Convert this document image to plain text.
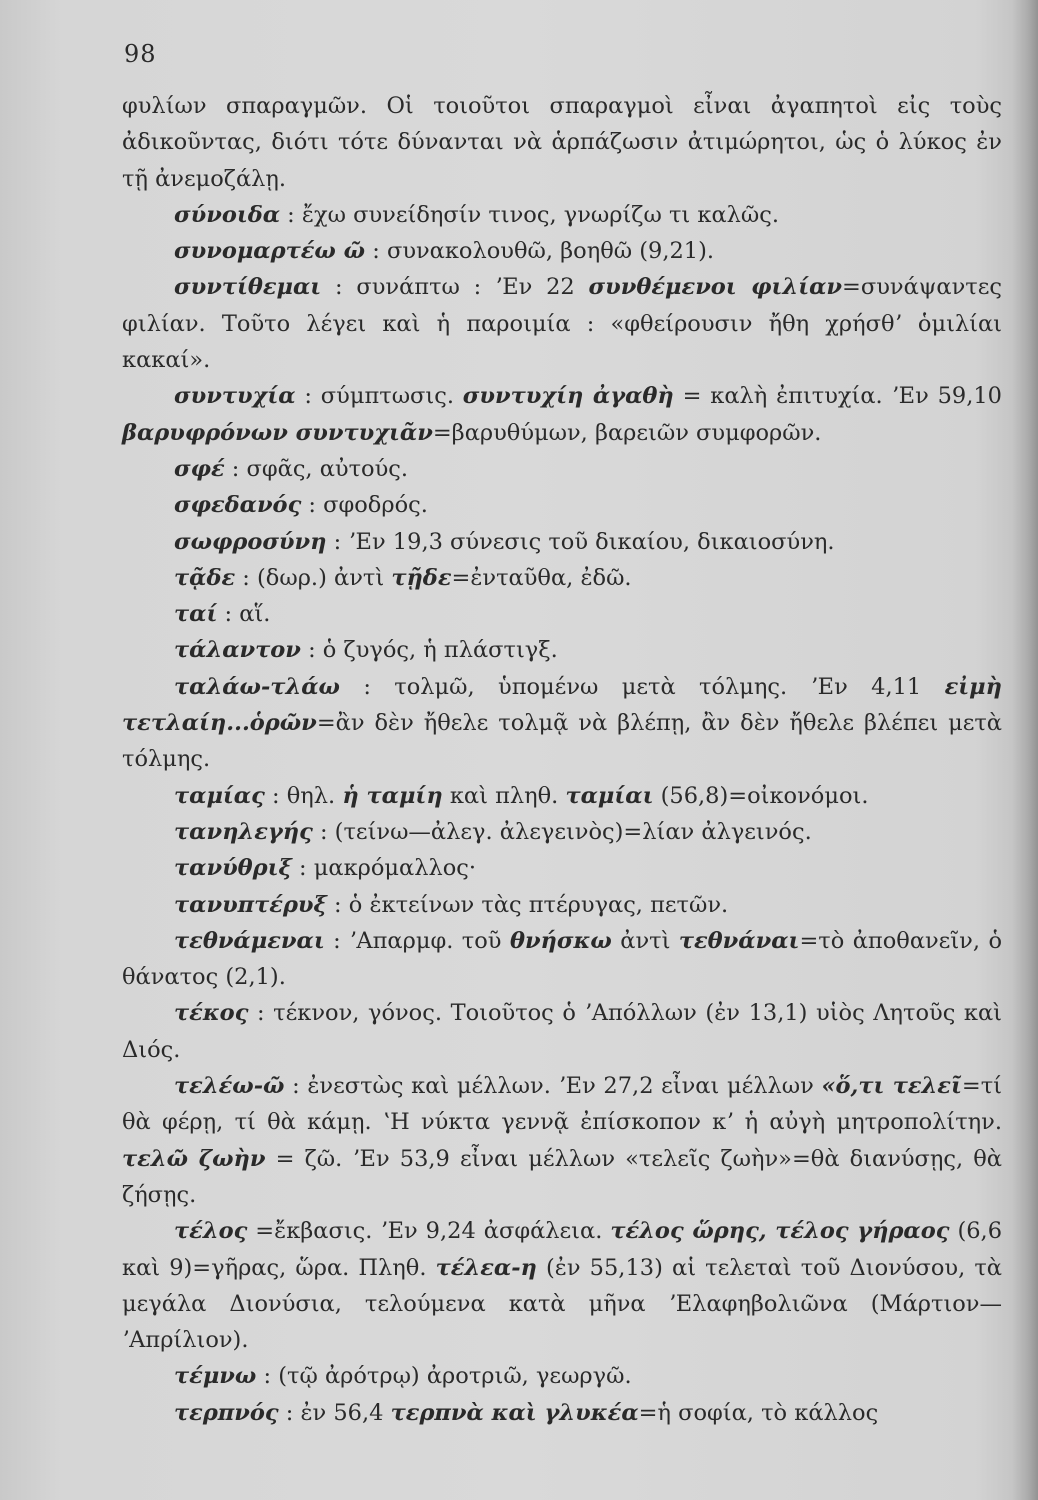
98

φυλίων σπαραγμῶν. Οἱ τοιοῦτοι σπαραγμοὶ εἶναι ἀγαπητοὶ εἰς τοὺς ἀδικοῦντας, διότι τότε δύνανται νὰ ἁρπάζωσιν ἀτιμώρητοι, ὡς ὁ λύκος ἐν τῇ ἀνεμοζάλῃ.

σύνοιδα : ἔχω συνείδησίν τινος, γνωρίζω τι καλῶς.

συνομαρτέω ῶ : συνακολουθῶ, βοηθῶ (9,21).

συντίθεμαι : συνάπτω : ʼΕν 22 συνθέμενοι φιλίαν=συνάψαντες φιλίαν. Τοῦτο λέγει καὶ ἡ παροιμία : «φθείρουσιν ἤθη χρήσθʼ ὁμιλίαι κακαί».

συντυχία : σύμπτωσις. συντυχίη ἀγαθὴ = καλὴ ἐπιτυχία. ʼΕν 59,10 βαρυφρόνων συντυχιᾶν=βαρυθύμων, βαρειῶν συμφορῶν.

σφέ : σφᾶς, αὐτούς.

σφεδανός : σφοδρός.

σωφροσύνη : ʼΕν 19,3 σύνεσις τοῦ δικαίου, δικαιοσύνη.

τᾷδε : (δωρ.) ἀντὶ τῇδε=ἐνταῦθα, ἐδῶ.

ταί : αἵ.

τάλαντον : ὁ ζυγός, ἡ πλάστιγξ.

ταλάω-τλάω : τολμῶ, ὑπομένω μετὰ τόλμης. ʼΕν 4,11 εἰμὴ τετλαίη...ὁρῶν=ἂν δὲν ἤθελε τολμᾷ νὰ βλέπῃ, ἂν δὲν ἤθελε βλέπει μετὰ τόλμης.

ταμίας : θηλ. ἡ ταμίη καὶ πληθ. ταμίαι (56,8)=οἰκονόμοι.

τανηλεγής : (τείνω—ἀλεγ. ἀλεγεινὸς)=λίαν ἀλγεινός.

τανύθριξ : μακρόμαλλος·

τανυπτέρυξ : ὁ ἐκτείνων τὰς πτέρυγας, πετῶν.

τεθνάμεναι : ʼΑπαρμφ. τοῦ θνήσκω ἀντὶ τεθνάναι=τὸ ἀποθανεῖν, ὁ θάνατος (2,1).

τέκος : τέκνον, γόνος. Τοιοῦτος ὁ ʼΑπόλλων (ἐν 13,1) υἱὸς Λητοῦς καὶ Διός.

τελέω-ῶ : ἐνεστὼς καὶ μέλλων. ʼΕν 27,2 εἶναι μέλλων «ὅ,τι τελεῖ=τί θὰ φέρῃ, τί θὰ κάμῃ. ʽΗ νύκτα γεννᾷ ἐπίσκοπον κʼ ἡ αὐγὴ μητροπολίτην. τελῶ ζωὴν = ζῶ. ʼΕν 53,9 εἶναι μέλλων «τελεῖς ζωὴν»=θὰ διανύσῃς, θὰ ζήσῃς.

τέλος =ἔκβασις. ʼΕν 9,24 ἀσφάλεια. τέλος ὥρης, τέλος γήραος (6,6 καὶ 9)=γῆρας, ὥρα. Πληθ. τέλεα-η (ἐν 55,13) αἱ τελεταὶ τοῦ Διονύσου, τὰ μεγάλα Διονύσια, τελούμενα κατὰ μῆνα ʼΕλαφηβολιῶνα (Μάρτιον—ʼΑπρίλιον).

τέμνω : (τῷ ἀρότρῳ) ἀροτριῶ, γεωργῶ.

τερπνός : ἐν 56,4 τερπνὰ καὶ γλυκέα=ἡ σοφία, τὸ κάλλος
